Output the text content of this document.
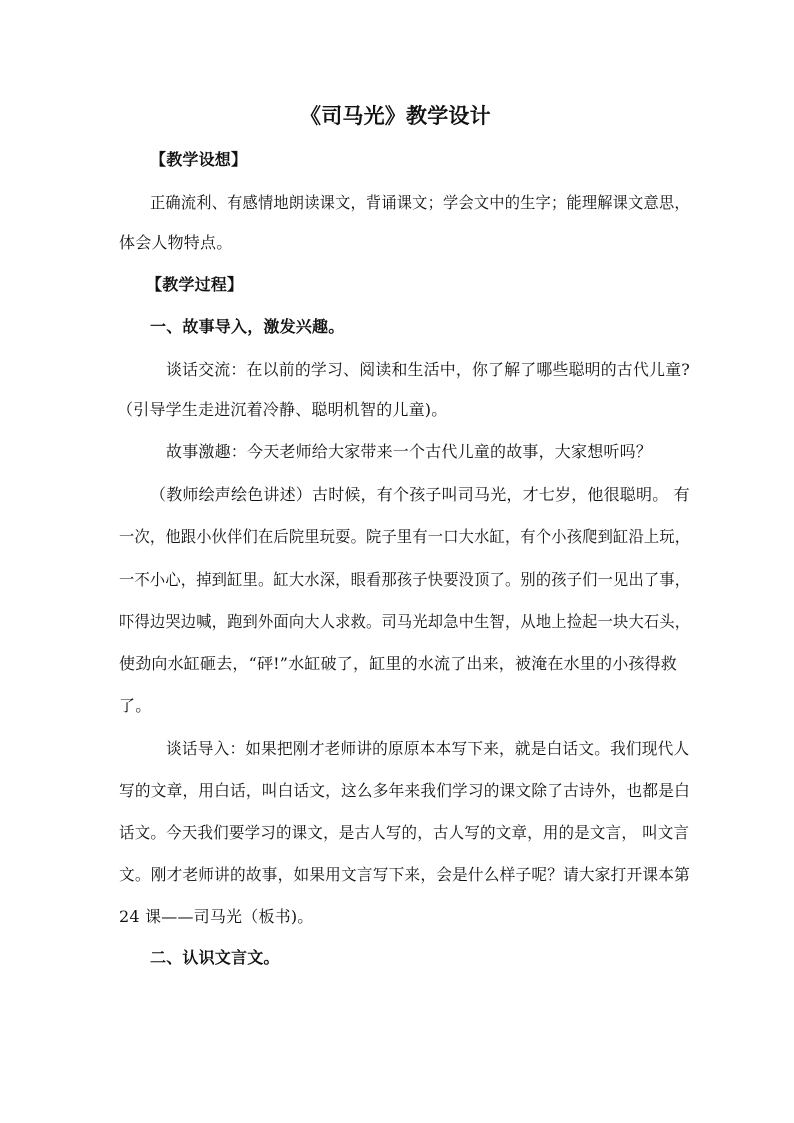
《司马光》教学设计
【教学设想】
正确流利、有感情地朗读课文，背诵课文；学会文中的生字；能理解课文意思，
体会人物特点。
【教学过程】
一、故事导入，激发兴趣。
谈话交流：在以前的学习、阅读和生活中，你了解了哪些聪明的古代儿童?
（引导学生走进沉着冷静、聪明机智的儿童)。
故事激趣：今天老师给大家带来一个古代儿童的故事，大家想听吗？
（教师绘声绘色讲述）古时候，有个孩子叫司马光，才七岁，他很聪明。 有
一次，他跟小伙伴们在后院里玩耍。院子里有一口大水缸，有个小孩爬到缸沿上玩，
一不小心，掉到缸里。缸大水深，眼看那孩子快要没顶了。别的孩子们一见出了事，
吓得边哭边喊，跑到外面向大人求救。司马光却急中生智，从地上捡起一块大石头，
使劲向水缸砸去，“砰!”水缸破了，缸里的水流了出来，被淹在水里的小孩得救
了。
谈话导入：如果把刚才老师讲的原原本本写下来，就是白话文。我们现代人
写的文章，用白话，叫白话文，这么多年来我们学习的课文除了古诗外，也都是白
话文。今天我们要学习的课文，是古人写的，古人写的文章，用的是文言， 叫文言
文。刚才老师讲的故事，如果用文言写下来，会是什么样子呢？请大家打开课本第
24 课——司马光（板书)。
二、认识文言文。
